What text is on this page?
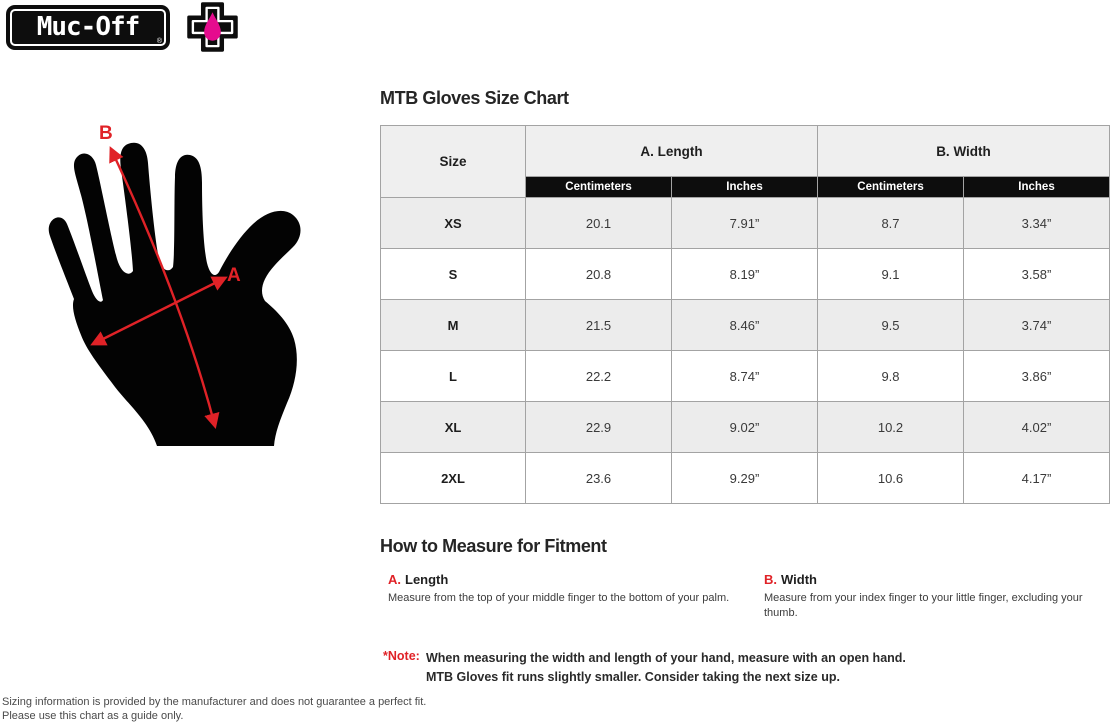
Muc-Off	®
B
A
MTB Gloves Size Chart
Size	A. Length		B. Width	
	Centimeters	Inches	Centimeters	Inches
XS	20.1	7.91”	8.7	3.34”
S	20.8	8.19”	9.1	3.58”
M	21.5	8.46”	9.5	3.74”
L	22.2	8.74”	9.8	3.86”
XL	22.9	9.02”	10.2	4.02”
2XL	23.6	9.29”	10.6	4.17”
How to Measure for Fitment
A. Length
Measure from the top of your middle finger to the bottom of your palm.
B. Width
Measure from your index finger to your little finger, excluding your thumb.
*Note: When measuring the width and length of your hand, measure with an open hand.
MTB Gloves fit runs slightly smaller. Consider taking the next size up.
Sizing information is provided by the manufacturer and does not guarantee a perfect fit.
Please use this chart as a guide only.
